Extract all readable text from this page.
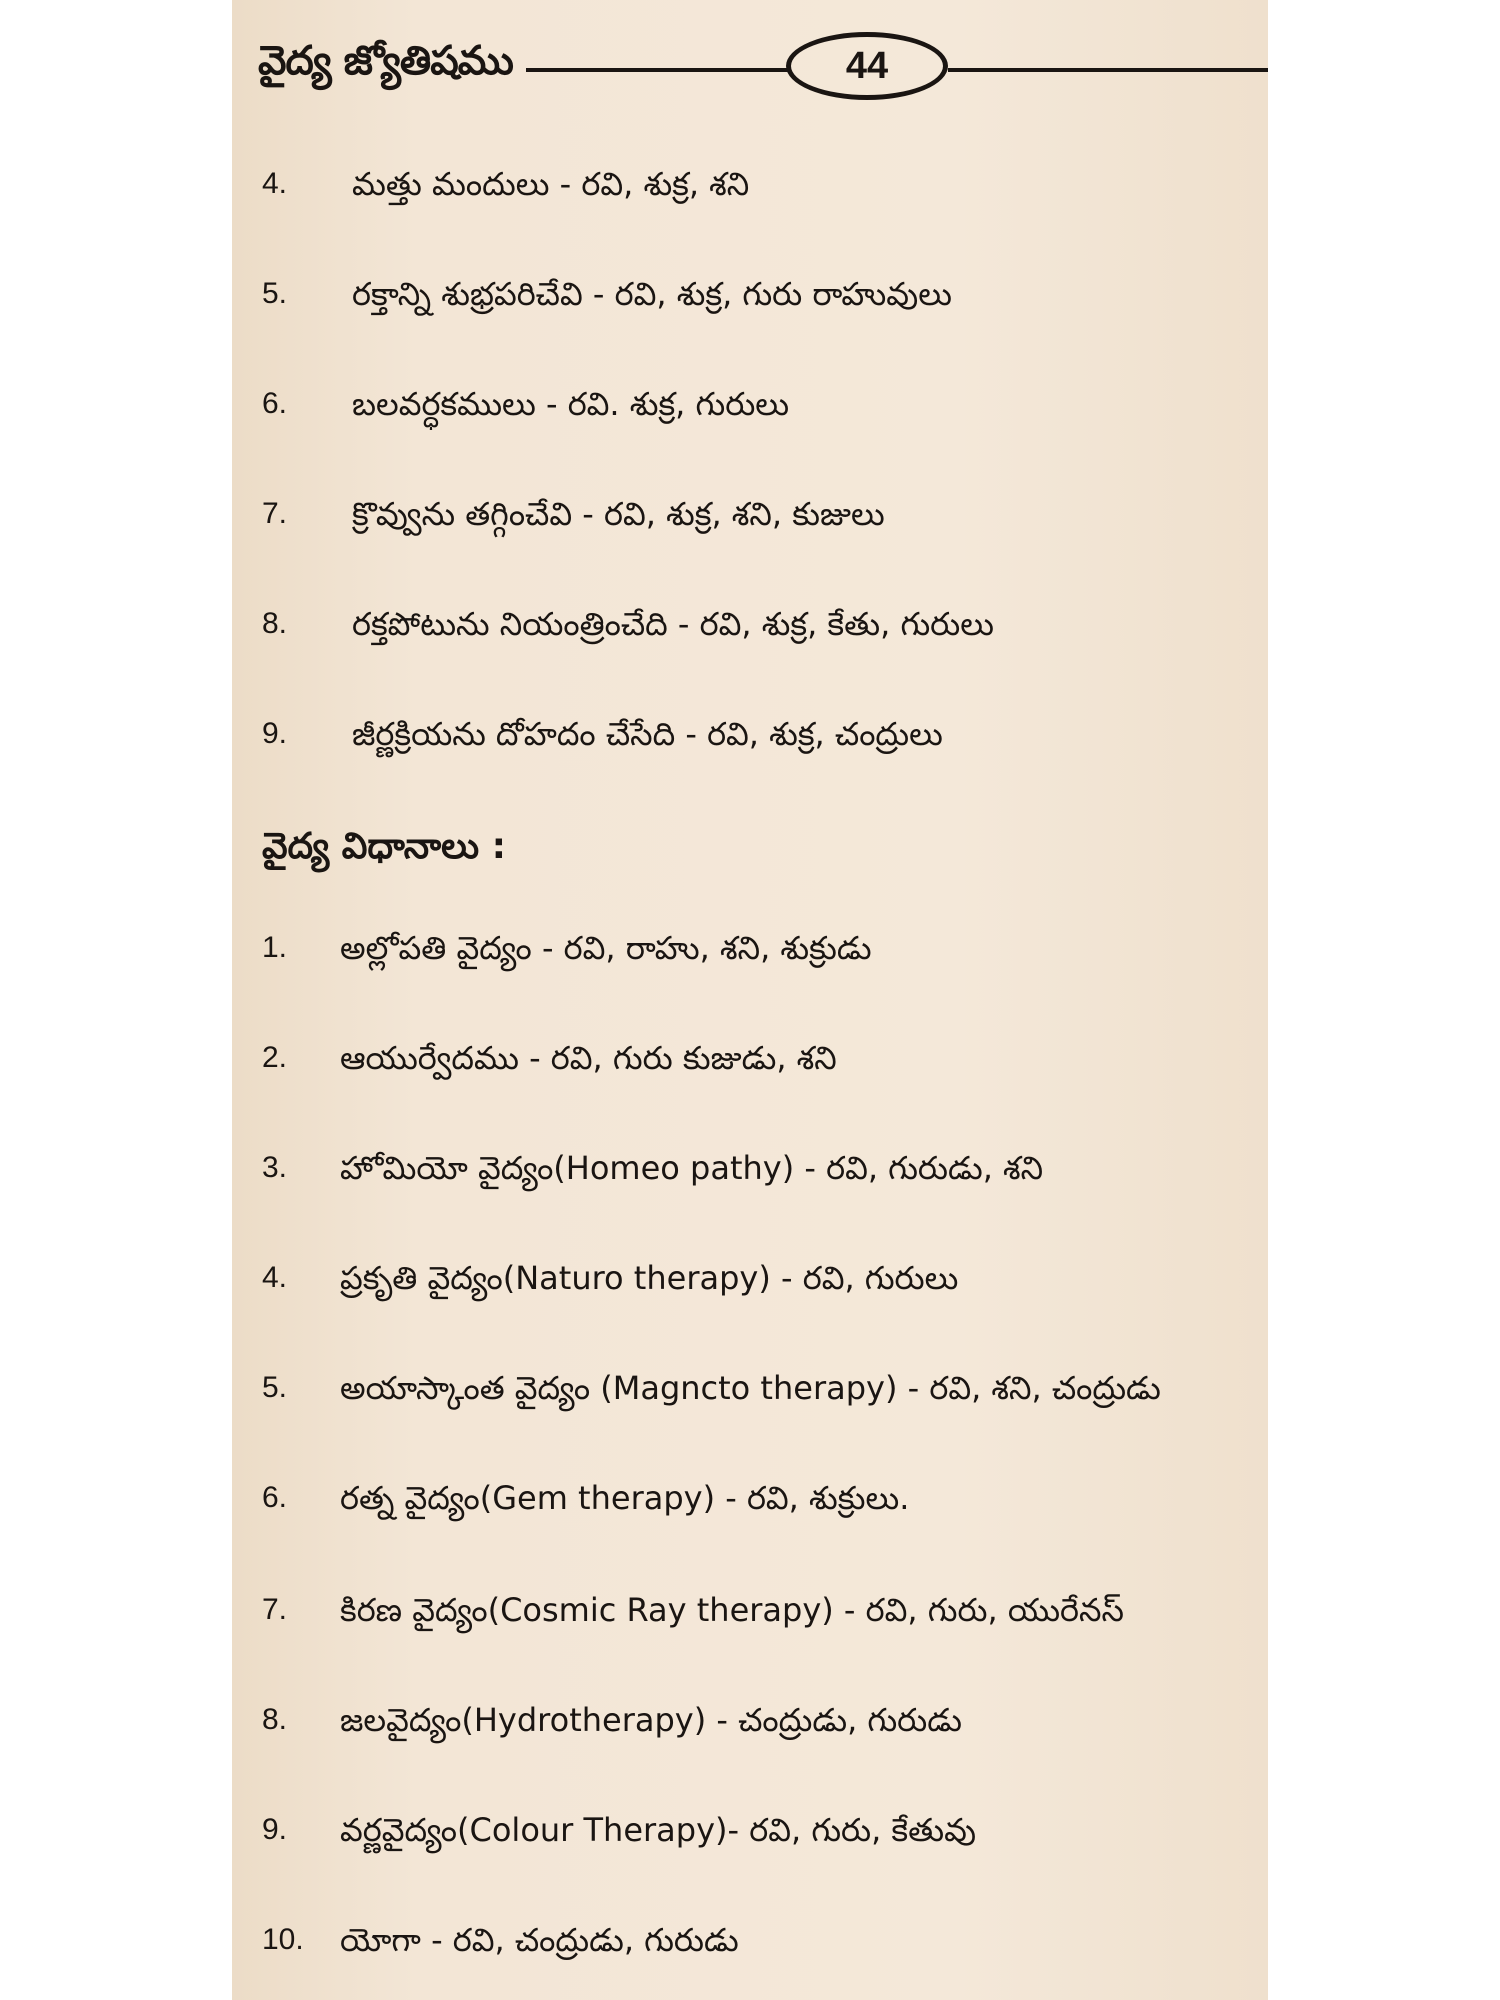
వైద్య జ్యోతిషము	44
4. మత్తు మందులు - రవి, శుక్ర, శని
5. రక్తాన్ని శుభ్రపరిచేవి - రవి, శుక్ర, గురు రాహువులు
6. బలవర్ధకములు - రవి. శుక్ర, గురులు
7. క్రొవ్వును తగ్గించేవి - రవి, శుక్ర, శని, కుజులు
8. రక్తపోటును నియంత్రించేది - రవి, శుక్ర, కేతు, గురులు
9. జీర్ణక్రియను దోహదం చేసేది - రవి, శుక్ర, చంద్రులు
వైద్య విధానాలు :
1. అల్లోపతి వైద్యం - రవి, రాహు, శని, శుక్రుడు
2. ఆయుర్వేదము - రవి, గురు కుజుడు, శని
3. హోమియో వైద్యం(Homeo pathy) - రవి, గురుడు, శని
4. ప్రకృతి వైద్యం(Naturo therapy) - రవి, గురులు
5. అయాస్కాంత వైద్యం (Magncto therapy) - రవి, శని, చంద్రుడు
6. రత్న వైద్యం(Gem therapy) - రవి, శుక్రులు.
7. కిరణ వైద్యం(Cosmic Ray therapy) - రవి, గురు, యురేనస్
8. జలవైద్యం(Hydrotherapy) - చంద్రుడు, గురుడు
9. వర్ణవైద్యం(Colour Therapy)- రవి, గురు, కేతువు
10. యోగా - రవి, చంద్రుడు, గురుడు
